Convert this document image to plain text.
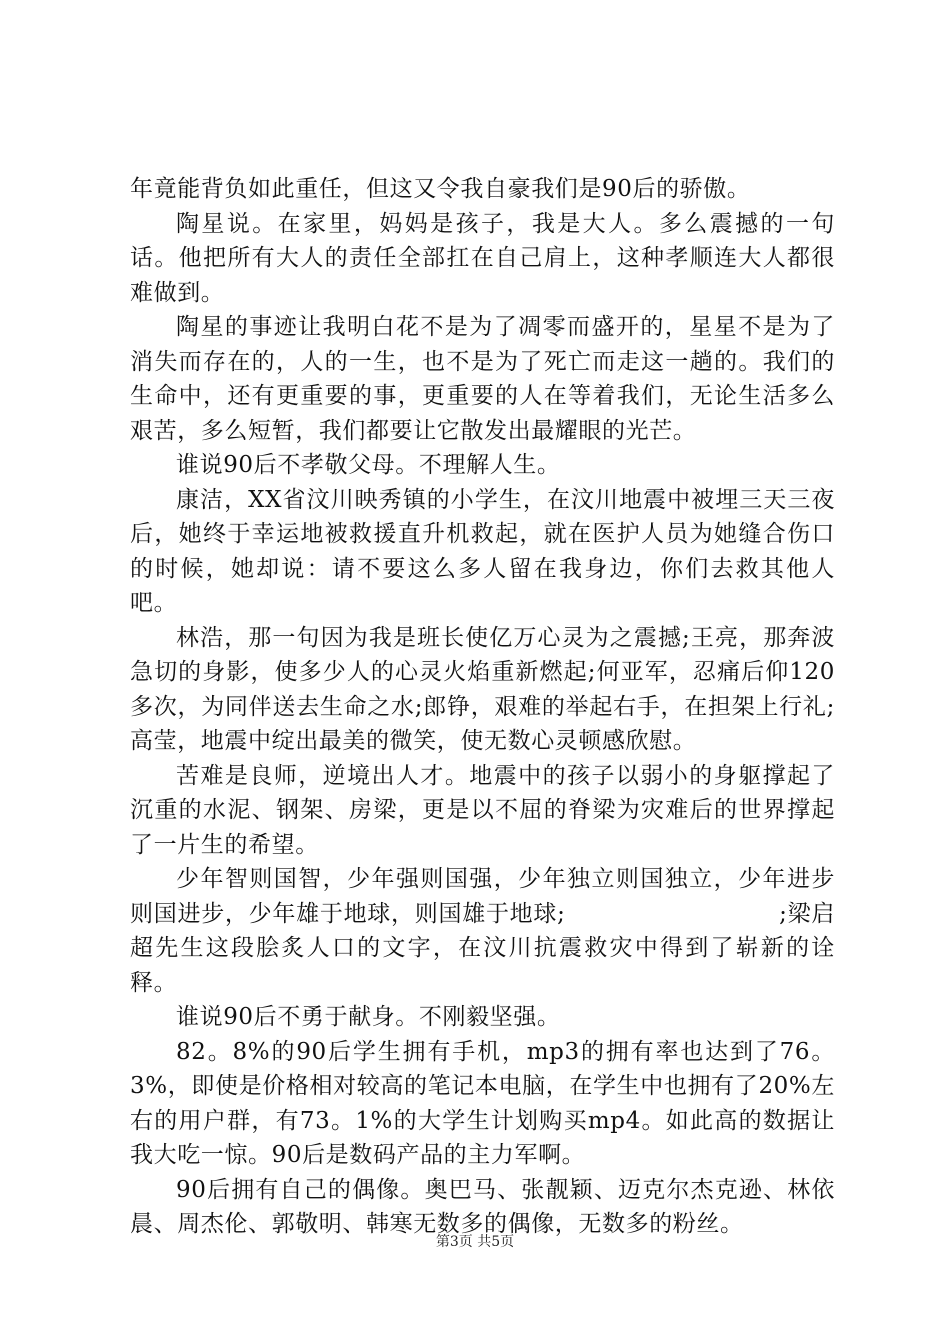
年竟能背负如此重任，但这又令我自豪我们是90后的骄傲。

陶星说。在家里，妈妈是孩子，我是大人。多么震撼的一句话。他把所有大人的责任全部扛在自己肩上，这种孝顺连大人都很难做到。

陶星的事迹让我明白花不是为了凋零而盛开的，星星不是为了消失而存在的，人的一生，也不是为了死亡而走这一趟的。我们的生命中，还有更重要的事，更重要的人在等着我们，无论生活多么艰苦，多么短暂，我们都要让它散发出最耀眼的光芒。

谁说90后不孝敬父母。不理解人生。

康洁，XX省汶川映秀镇的小学生，在汶川地震中被埋三天三夜后，她终于幸运地被救援直升机救起，就在医护人员为她缝合伤口的时候，她却说：请不要这么多人留在我身边，你们去救其他人吧。

林浩，那一句因为我是班长使亿万心灵为之震撼;王亮，那奔波急切的身影，使多少人的心灵火焰重新燃起;何亚军，忍痛后仰120多次，为同伴送去生命之水;郎铮，艰难的举起右手，在担架上行礼;高莹，地震中绽出最美的微笑，使无数心灵顿感欣慰。

苦难是良师，逆境出人才。地震中的孩子以弱小的身躯撑起了沉重的水泥、钢架、房梁，更是以不屈的脊梁为灾难后的世界撑起了一片生的希望。

少年智则国智，少年强则国强，少年独立则国独立，少年进步则国进步，少年雄于地球，则国雄于地球;　　　　　　　　　;梁启超先生这段脍炙人口的文字，在汶川抗震救灾中得到了崭新的诠释。

谁说90后不勇于献身。不刚毅坚强。

82。8%的90后学生拥有手机，mp3的拥有率也达到了76。3%，即使是价格相对较高的笔记本电脑，在学生中也拥有了20%左右的用户群，有73。1%的大学生计划购买mp4。如此高的数据让我大吃一惊。90后是数码产品的主力军啊。

90后拥有自己的偶像。奥巴马、张靓颖、迈克尔杰克逊、林依晨、周杰伦、郭敬明、韩寒无数多的偶像，无数多的粉丝。

第3页 共5页
